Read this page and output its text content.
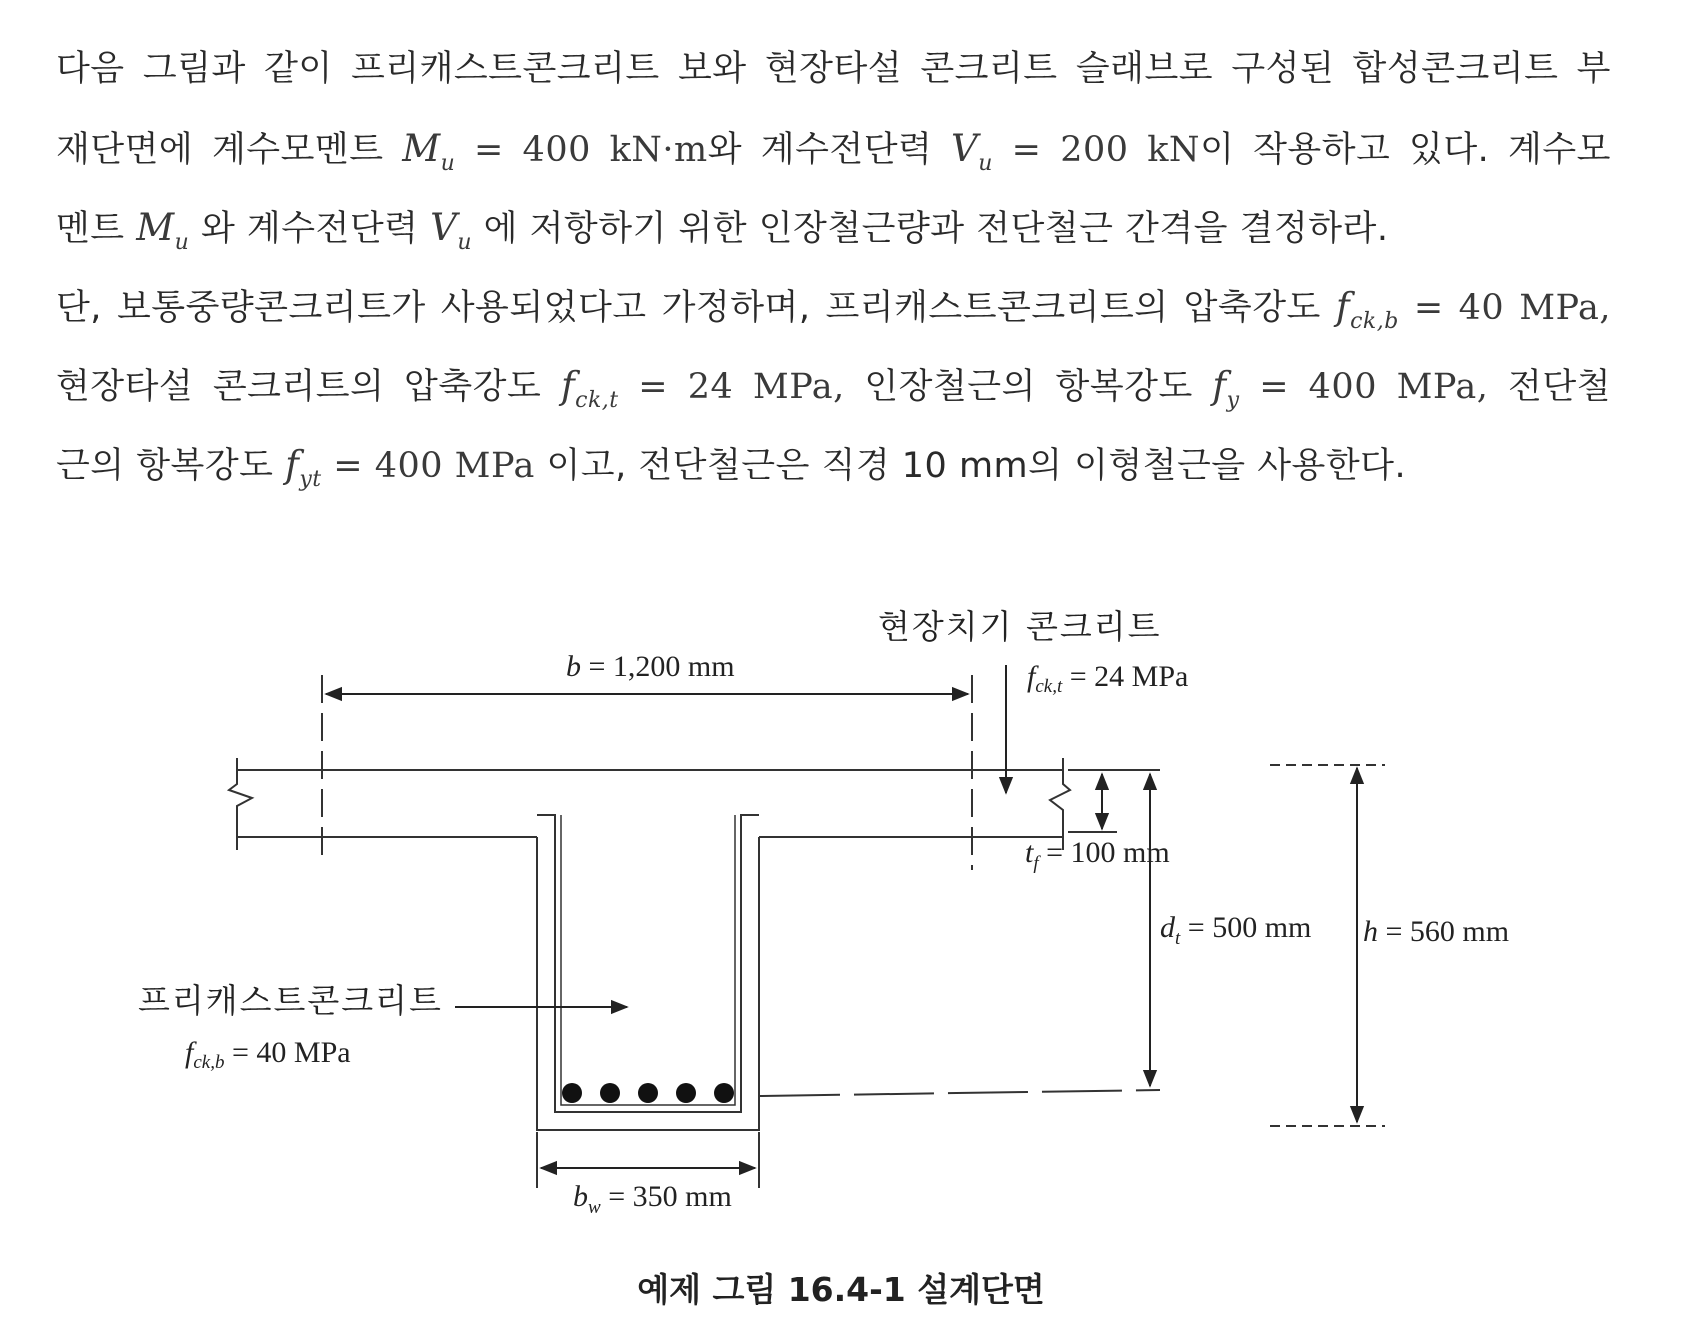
다음 그림과 같이 프리캐스트콘크리트 보와 현장타설 콘크리트 슬래브로 구성된 합성콘크리트 부
재단면에 계수모멘트 $M_u = 400$ kN·m와 계수전단력 $V_u = 200$ kN이 작용하고 있다. 계수모
멘트 $M_u$ 와 계수전단력 $V_u$ 에 저항하기 위한 인장철근량과 전단철근 간격을 결정하라.
단, 보통중량콘크리트가 사용되었다고 가정하며, 프리캐스트콘크리트의 압축강도 $f_{ck,b} = 40$ MPa,
현장타설 콘크리트의 압축강도 $f_{ck,t} = 24$ MPa, 인장철근의 항복강도 $f_y = 400$ MPa, 전단철
근의 항복강도 $f_{yt} = 400$ MPa 이고, 전단철근은 직경 10 mm의 이형철근을 사용한다.
현장치기 콘크리트
$f_{ck,t} = 24$ MPa
b = 1,200 mm
$t_f = 100$ mm
$d_t = 500$ mm h = 560 mm
프리캐스트콘크리트
$f_{ck,b} = 40$ MPa
$b_w = 350$ mm
예제 그림 16.4-1 설계단면
